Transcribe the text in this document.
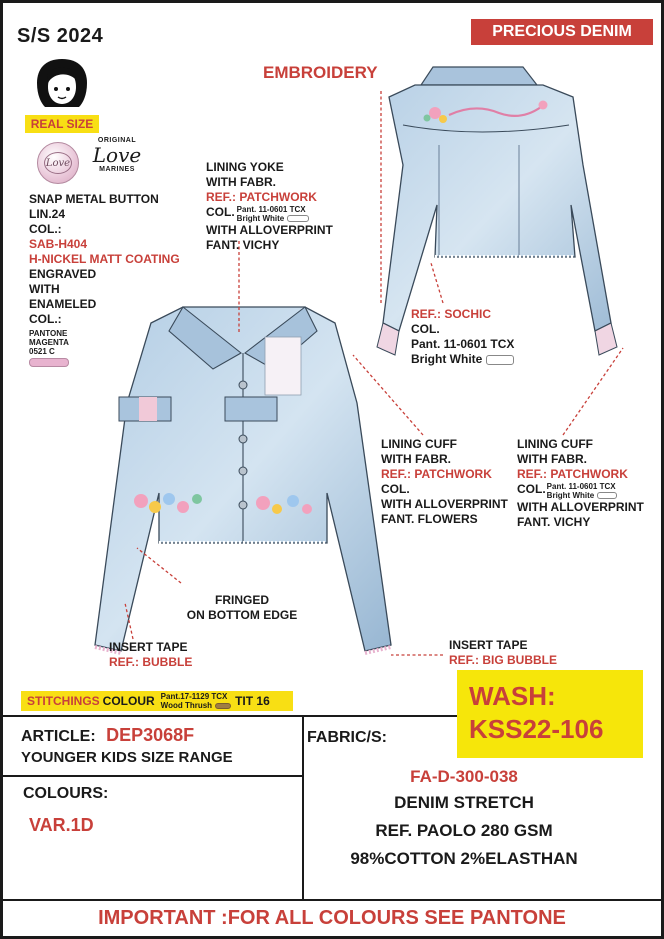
S/S 2024	PRECIOUS DENIM
EMBROIDERY
REAL SIZE
Love
ORIGINAL
Love
MARINES
SNAP METAL BUTTON
LIN.24
COL.:
SAB-H404
H-NICKEL MATT COATING
ENGRAVED
WITH
ENAMELED
COL.:
PANTONE
MAGENTA
0521 C
LINING YOKE
WITH FABR.
REF.: PATCHWORK
COL. Pant. 11-0601 TCX
Bright White
WITH ALLOVERPRINT
FANT. VICHY
REF.: SOCHIC
COL.
Pant. 11-0601 TCX
Bright White
LINING CUFF
WITH FABR.
REF.: PATCHWORK
COL.
WITH ALLOVERPRINT
FANT. FLOWERS
LINING CUFF
WITH FABR.
REF.: PATCHWORK
COL. Pant. 11-0601 TCX
Bright White
WITH ALLOVERPRINT
FANT. VICHY
FRINGED
ON BOTTOM EDGE
INSERT TAPE
REF.: BUBBLE
INSERT TAPE
REF.: BIG BUBBLE
STITCHINGS COLOUR Pant.17-1129 TCX
Wood Thrush TIT 16	WASH:
KSS22-106
ARTICLE: DEP3068F
YOUNGER KIDS SIZE RANGE
COLOURS:
VAR.1D
FABRIC/S:
FA-D-300-038
DENIM STRETCH
REF. PAOLO 280 GSM
98%COTTON 2%ELASTHAN
IMPORTANT :FOR ALL COLOURS SEE PANTONE
